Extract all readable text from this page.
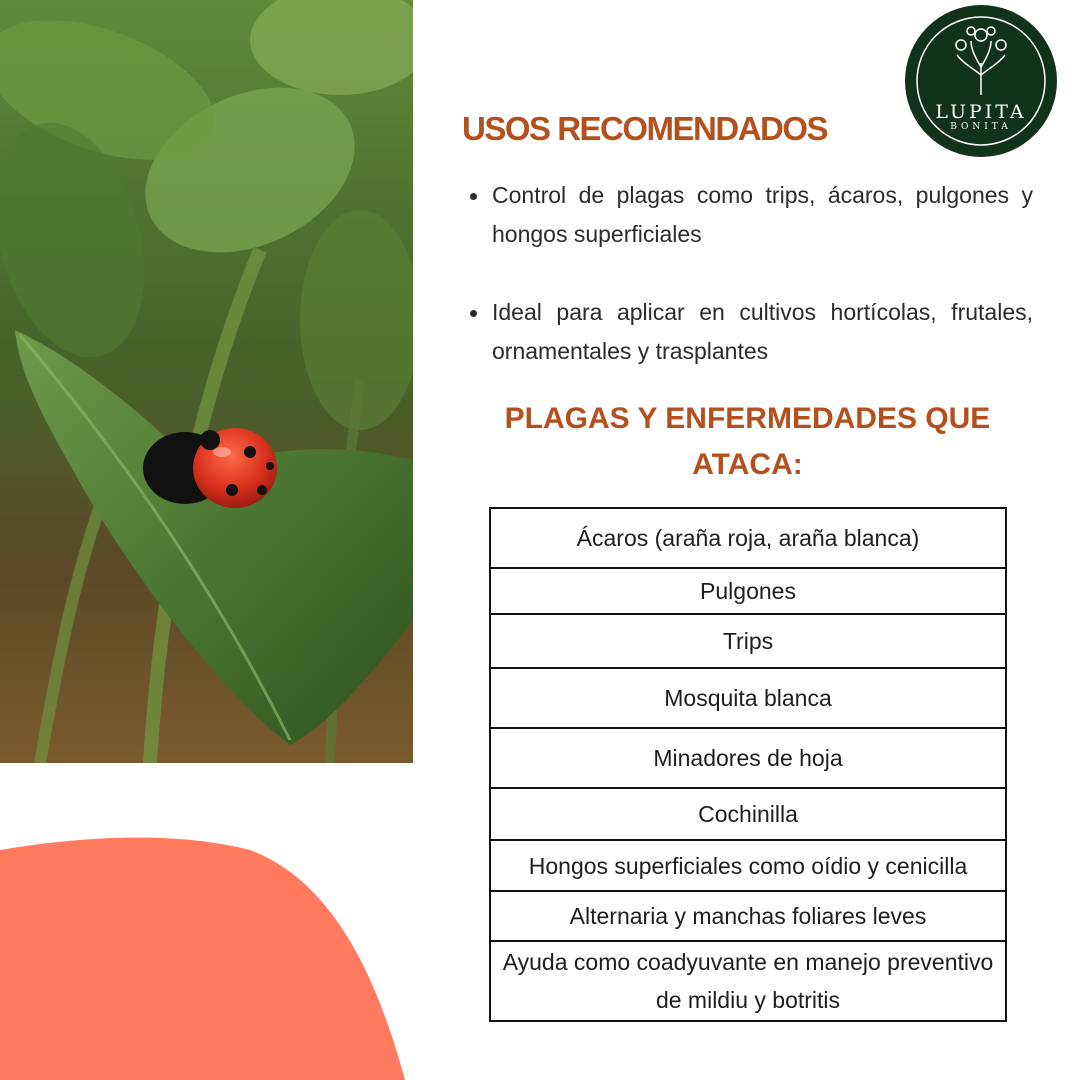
LUPITA
BONITA
USOS RECOMENDADOS
Control de plagas como trips, ácaros, pulgones y hongos superficiales
Ideal para aplicar en cultivos hortícolas, frutales, ornamentales y trasplantes
PLAGAS Y ENFERMEDADES QUE ATACA:
Ácaros (araña roja, araña blanca)
Pulgones
Trips
Mosquita blanca
Minadores de hoja
Cochinilla
Hongos superficiales como oídio y cenicilla
Alternaria y manchas foliares leves
Ayuda como coadyuvante en manejo preventivo de mildiu y botritis
